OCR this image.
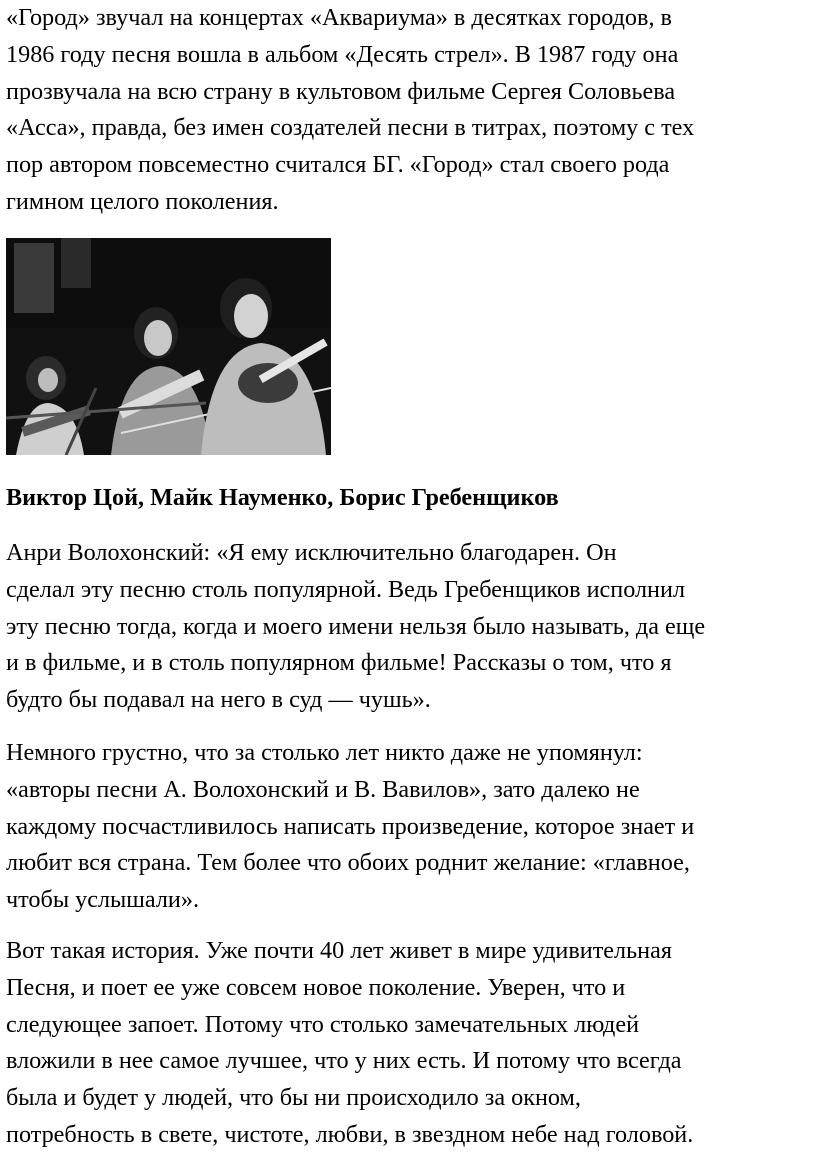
«Город» звучал на концертах «Аквариума» в десятках городов, в
1986 году песня вошла в альбом «Десять стрел». В 1987 году она
прозвучала на всю страну в культовом фильме Сергея Соловьева
«Асса», правда, без имен создателей песни в титрах, поэтому с тех
пор автором повсеместно считался БГ. «Город» стал своего рода
гимном целого поколения.

Виктор Цой, Майк Науменко, Борис Гребенщиков

Анри Волохонский: «Я ему исключительно благодарен. Он
сделал эту песню столь популярной. Ведь Гребенщиков исполнил
эту песню тогда, когда и моего имени нельзя было называть, да еще
и в фильме, и в столь популярном фильме! Рассказы о том, что я
будто бы подавал на него в суд — чушь».

Немного грустно, что за столько лет никто даже не упомянул:
«авторы песни А. Волохонский и В. Вавилов», зато далеко не
каждому посчастливилось написать произведение, которое знает и
любит вся страна. Тем более что обоих роднит желание: «главное,
чтобы услышали».

Вот такая история. Уже почти 40 лет живет в мире удивительная
Песня, и поет ее уже совсем новое поколение. Уверен, что и
следующее запоет. Потому что столько замечательных людей
вложили в нее самое лучшее, что у них есть. И потому что всегда
была и будет у людей, что бы ни происходило за окном,
потребность в свете, чистоте, любви, в звездном небе над головой.
